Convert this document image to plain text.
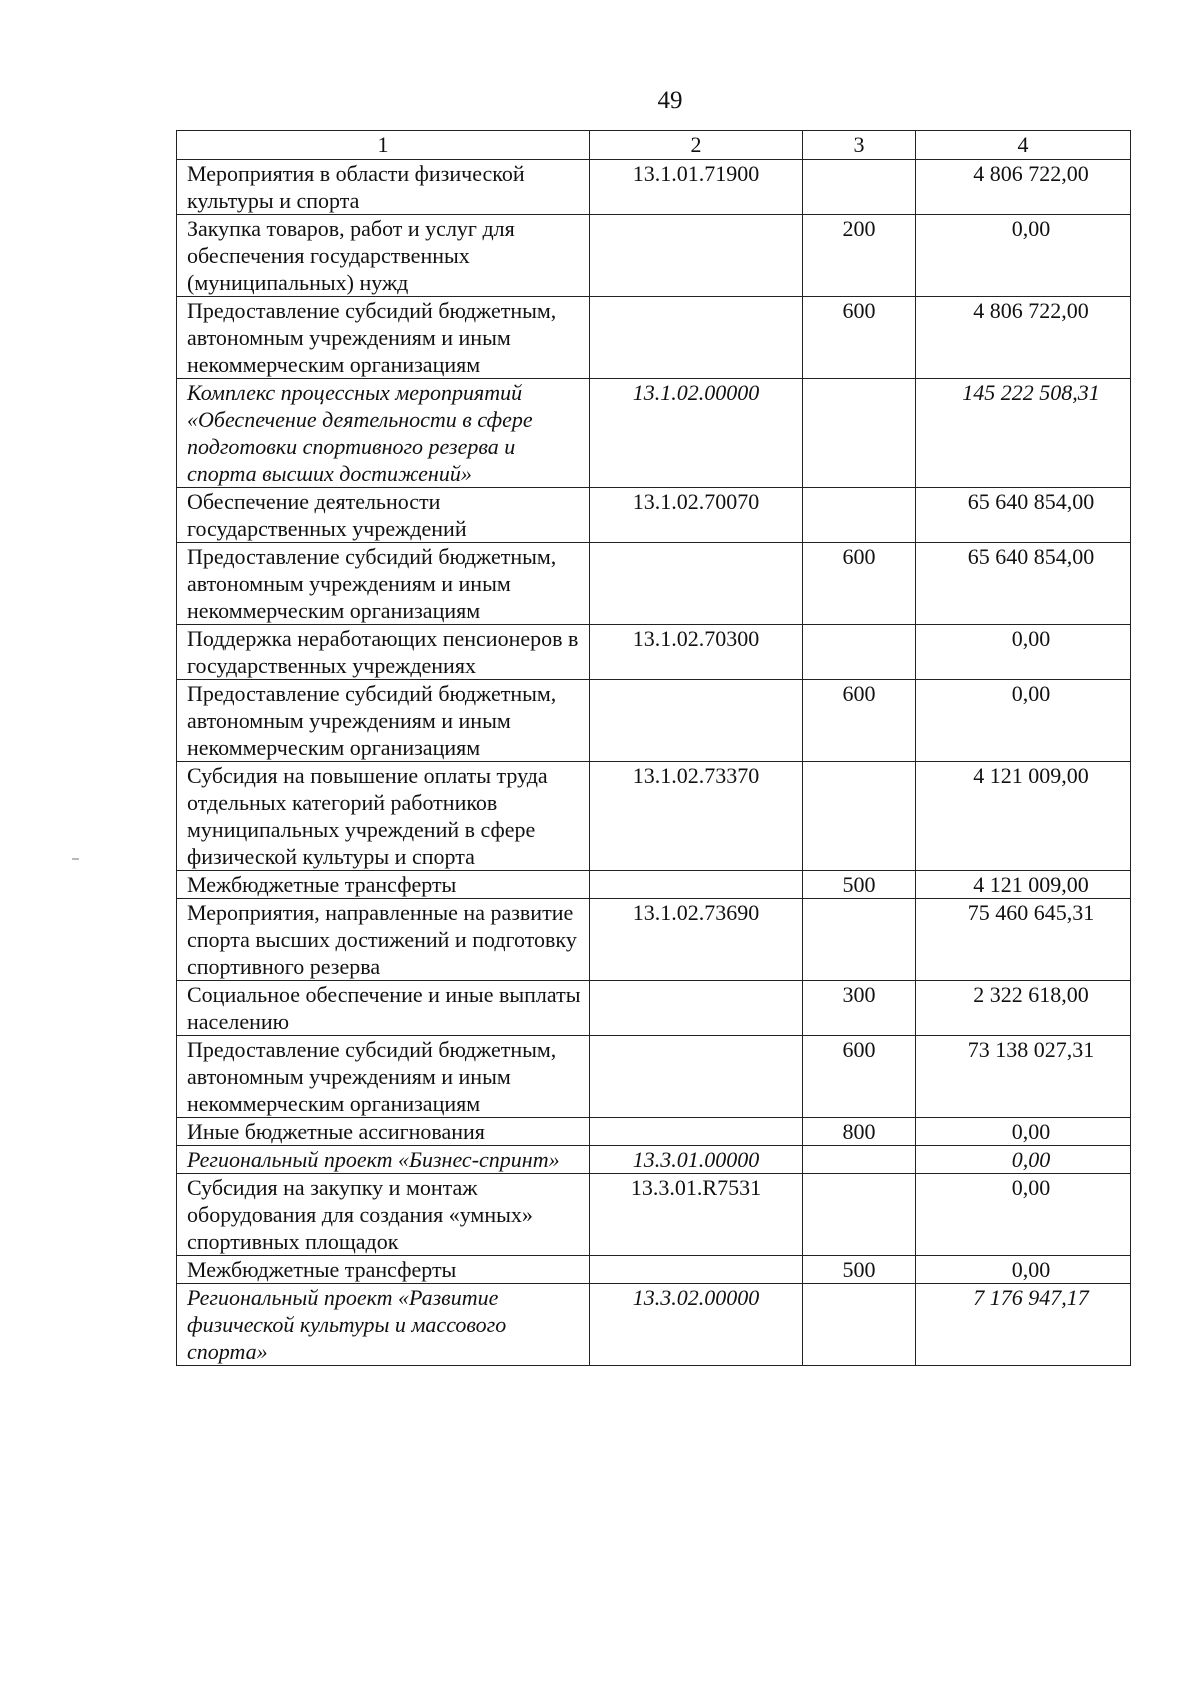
49
1	2	3	4
Мероприятия в области физической культуры и спорта	13.1.01.71900		4 806 722,00
Закупка товаров, работ и услуг для обеспечения государственных (муниципальных) нужд		200	0,00
Предоставление субсидий бюджетным, автономным учреждениям и иным некоммерческим организациям		600	4 806 722,00
Комплекс процессных мероприятий «Обеспечение деятельности в сфере подготовки спортивного резерва и спорта высших достижений»	13.1.02.00000		145 222 508,31
Обеспечение деятельности государственных учреждений	13.1.02.70070		65 640 854,00
Предоставление субсидий бюджетным, автономным учреждениям и иным некоммерческим организациям		600	65 640 854,00
Поддержка неработающих пенсионеров в государственных учреждениях	13.1.02.70300		0,00
Предоставление субсидий бюджетным, автономным учреждениям и иным некоммерческим организациям		600	0,00
Субсидия на повышение оплаты труда отдельных категорий работников муниципальных учреждений в сфере физической культуры и спорта	13.1.02.73370		4 121 009,00
Межбюджетные трансферты		500	4 121 009,00
Мероприятия, направленные на развитие спорта высших достижений и подготовку спортивного резерва	13.1.02.73690		75 460 645,31
Социальное обеспечение и иные выплаты населению		300	2 322 618,00
Предоставление субсидий бюджетным, автономным учреждениям и иным некоммерческим организациям		600	73 138 027,31
Иные бюджетные ассигнования		800	0,00
Региональный проект «Бизнес-спринт»	13.3.01.00000		0,00
Субсидия на закупку и монтаж оборудования для создания «умных» спортивных площадок	13.3.01.R7531		0,00
Межбюджетные трансферты		500	0,00
Региональный проект «Развитие физической культуры и массового спорта»	13.3.02.00000		7 176 947,17
